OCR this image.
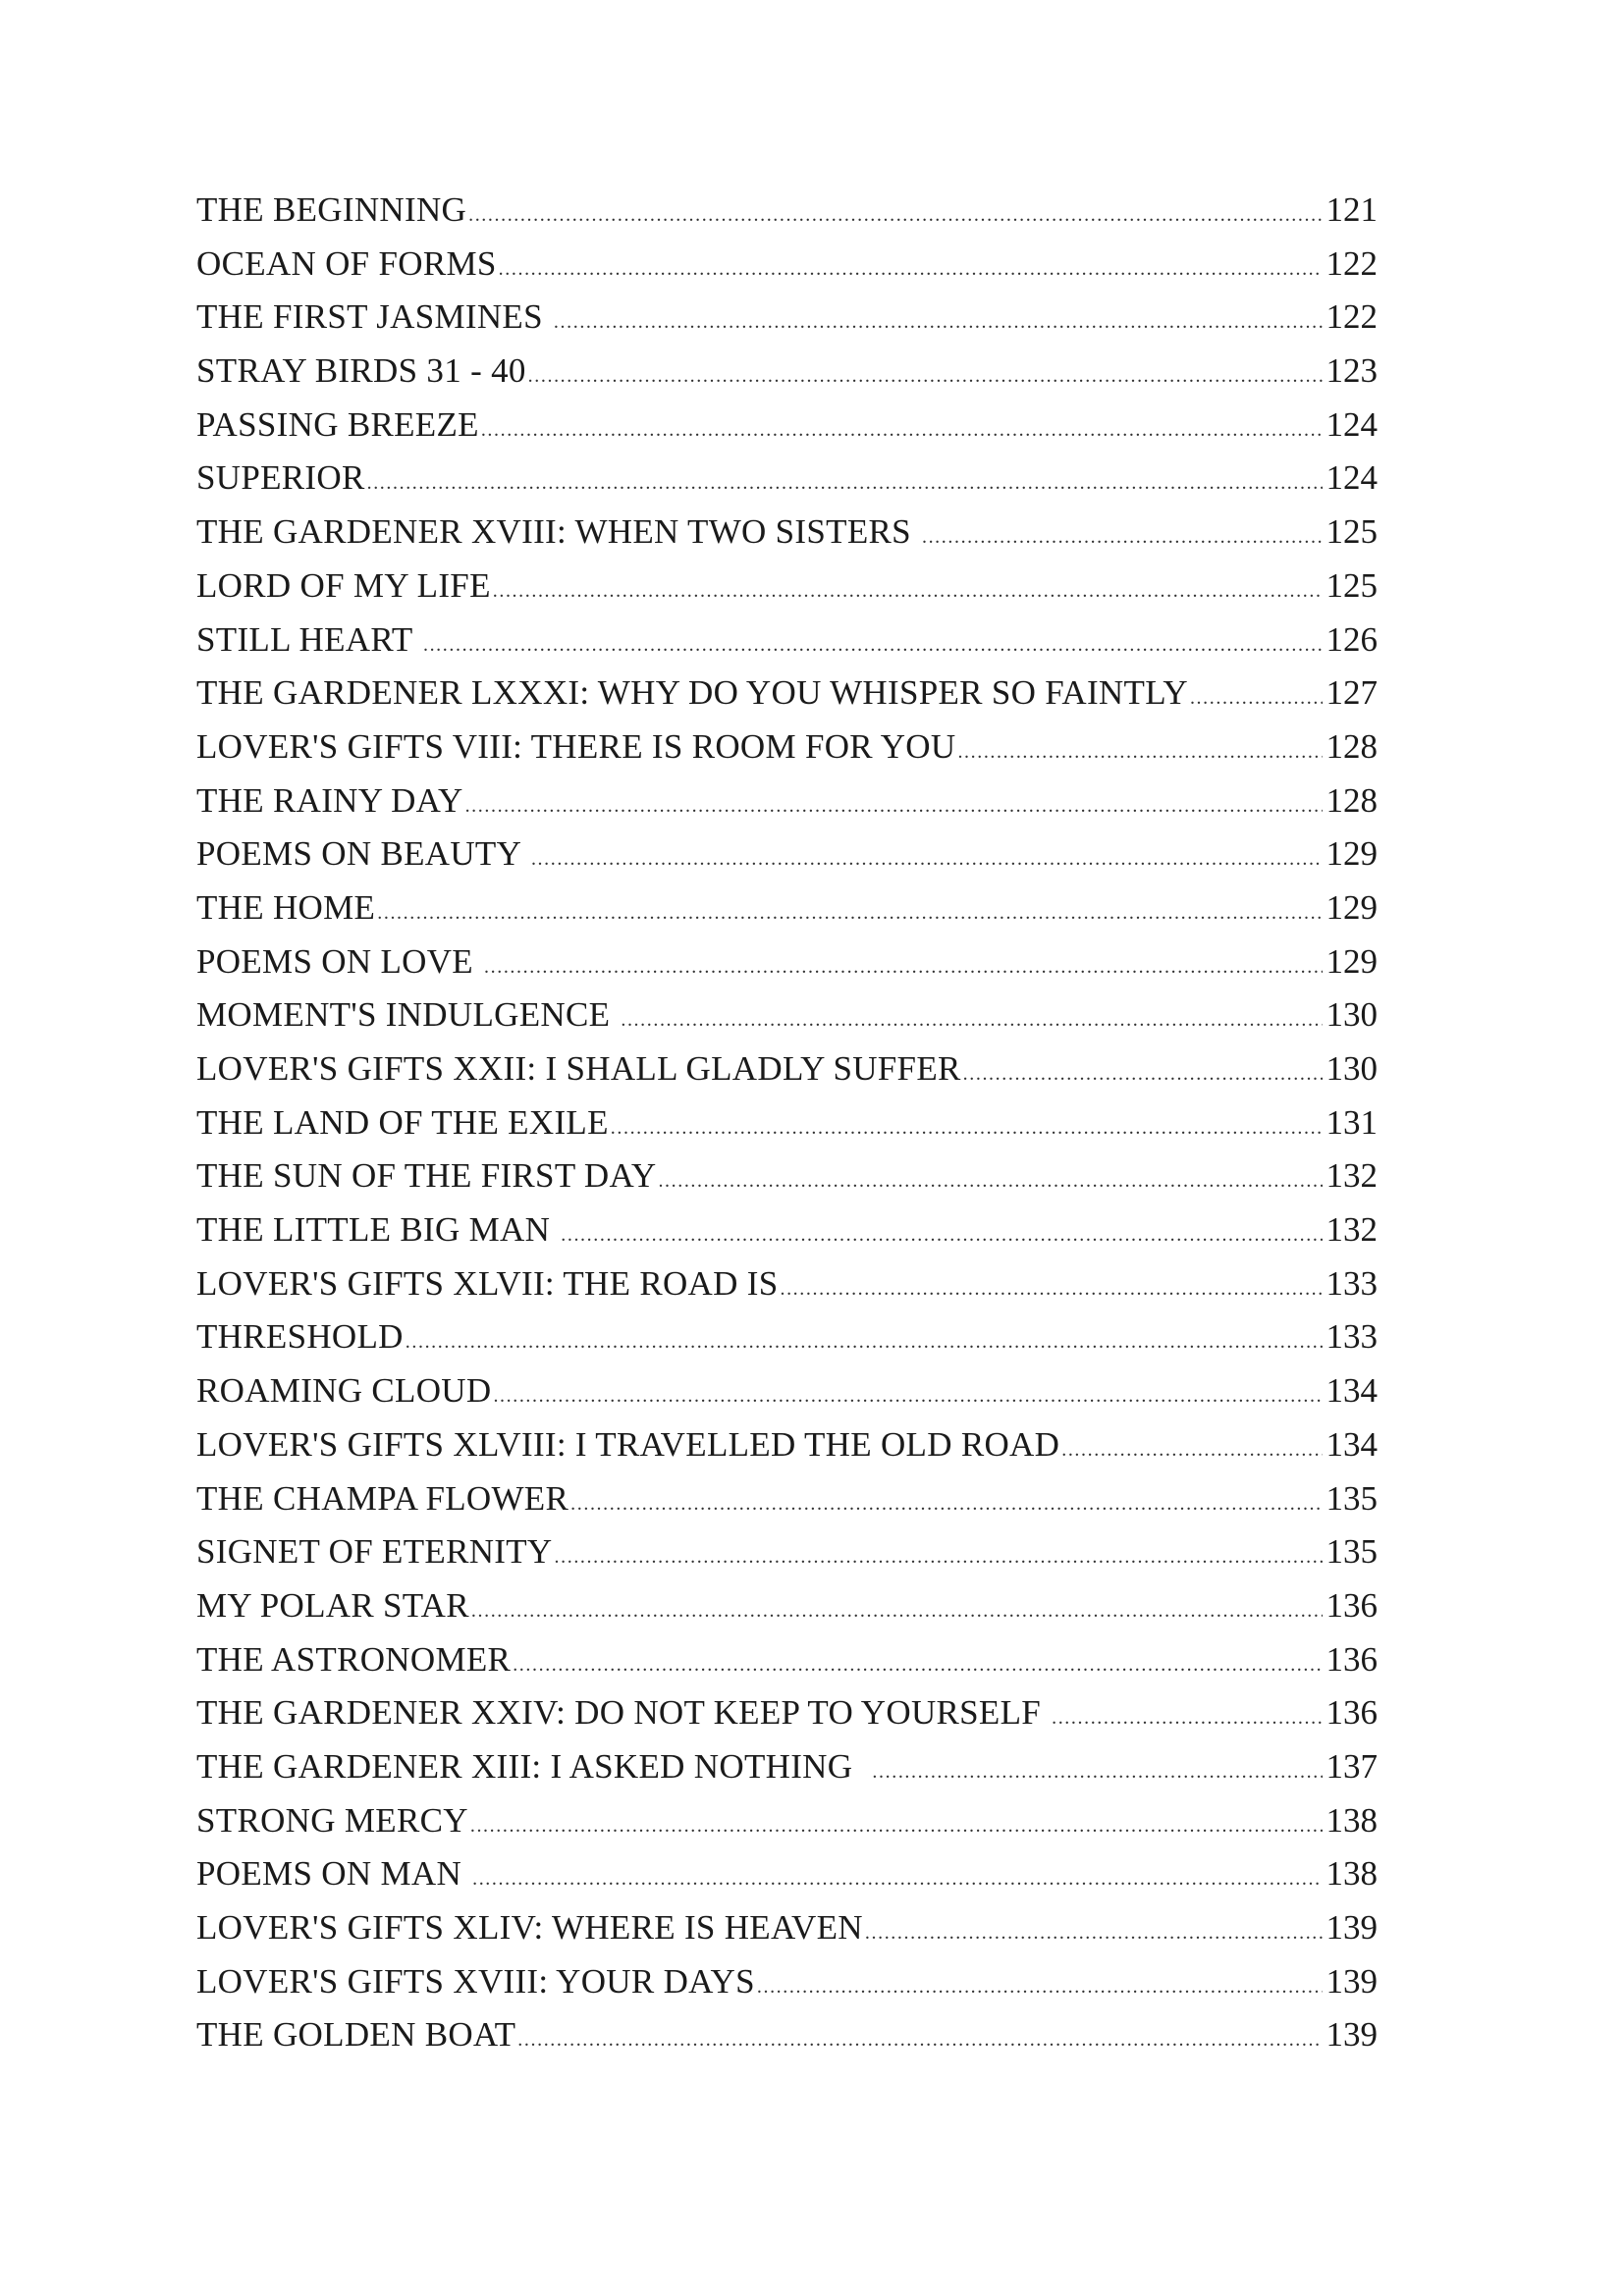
THE BEGINNING .....	121
OCEAN OF FORMS .....	122
THE FIRST JASMINES .....	122
STRAY BIRDS 31 - 40 .....	123
PASSING BREEZE .....	124
SUPERIOR .....	124
THE GARDENER XVIII: WHEN TWO SISTERS .....	125
LORD OF MY LIFE .....	125
STILL HEART .....	126
THE GARDENER LXXXI: WHY DO YOU WHISPER SO FAINTLY .....	127
LOVER'S GIFTS VIII: THERE IS ROOM FOR YOU .....	128
THE RAINY DAY .....	128
POEMS ON BEAUTY .....	129
THE HOME .....	129
POEMS ON LOVE .....	129
MOMENT'S INDULGENCE .....	130
LOVER'S GIFTS XXII: I SHALL GLADLY SUFFER .....	130
THE LAND OF THE EXILE .....	131
THE SUN OF THE FIRST DAY .....	132
THE LITTLE BIG MAN .....	132
LOVER'S GIFTS XLVII: THE ROAD IS .....	133
THRESHOLD .....	133
ROAMING CLOUD .....	134
LOVER'S GIFTS XLVIII: I TRAVELLED THE OLD ROAD .....	134
THE CHAMPA FLOWER .....	135
SIGNET OF ETERNITY .....	135
MY POLAR STAR .....	136
THE ASTRONOMER .....	136
THE GARDENER XXIV: DO NOT KEEP TO YOURSELF .....	136
THE GARDENER XIII: I ASKED NOTHING .....	137
STRONG MERCY .....	138
POEMS ON MAN .....	138
LOVER'S GIFTS XLIV: WHERE IS HEAVEN .....	139
LOVER'S GIFTS XVIII: YOUR DAYS .....	139
THE GOLDEN BOAT .....	139
